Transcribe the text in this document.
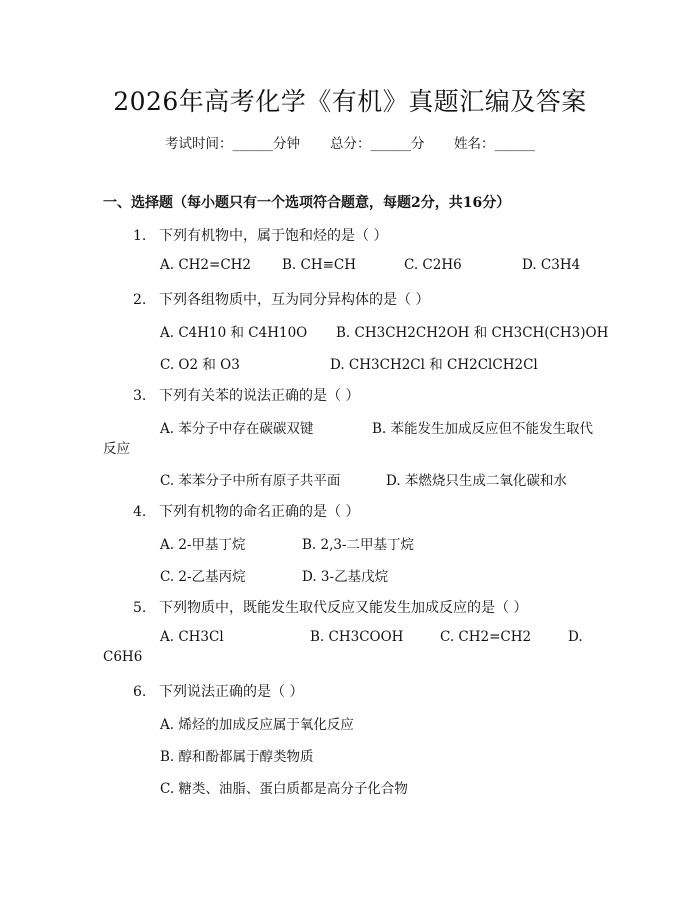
2026年高考化学《有机》真题汇编及答案
考试时间：______分钟 总分：______分 姓名：______
一、选择题（每小题只有一个选项符合题意，每题2分，共16分）
1. 下列有机物中，属于饱和烃的是（ ）
A. CH2=CH2 B. CH≡CH	C. C2H6	D. C3H4
2. 下列各组物质中，互为同分异构体的是（ ）
A. C4H10 和 C4H10O B. CH3CH2CH2OH 和 CH3CH(CH3)OH
C. O2 和 O3	D. CH3CH2Cl 和 CH2ClCH2Cl
3. 下列有关苯的说法正确的是（ ）
A. 苯分子中存在碳碳双键	B. 苯能发生加成反应但不能发生取代
反应
C. 苯苯分子中所有原子共平面	D. 苯燃烧只生成二氧化碳和水
4. 下列有机物的命名正确的是（ ）
A. 2-甲基丁烷	B. 2,3-二甲基丁烷
C. 2-乙基丙烷	D. 3-乙基戊烷
5. 下列物质中，既能发生取代反应又能发生加成反应的是（ ）
A. CH3Cl	B. CH3COOH	C. CH2=CH2	D.
C6H6
6. 下列说法正确的是（ ）
A. 烯烃的加成反应属于氧化反应
B. 醇和酚都属于醇类物质
C. 糖类、油脂、蛋白质都是高分子化合物
